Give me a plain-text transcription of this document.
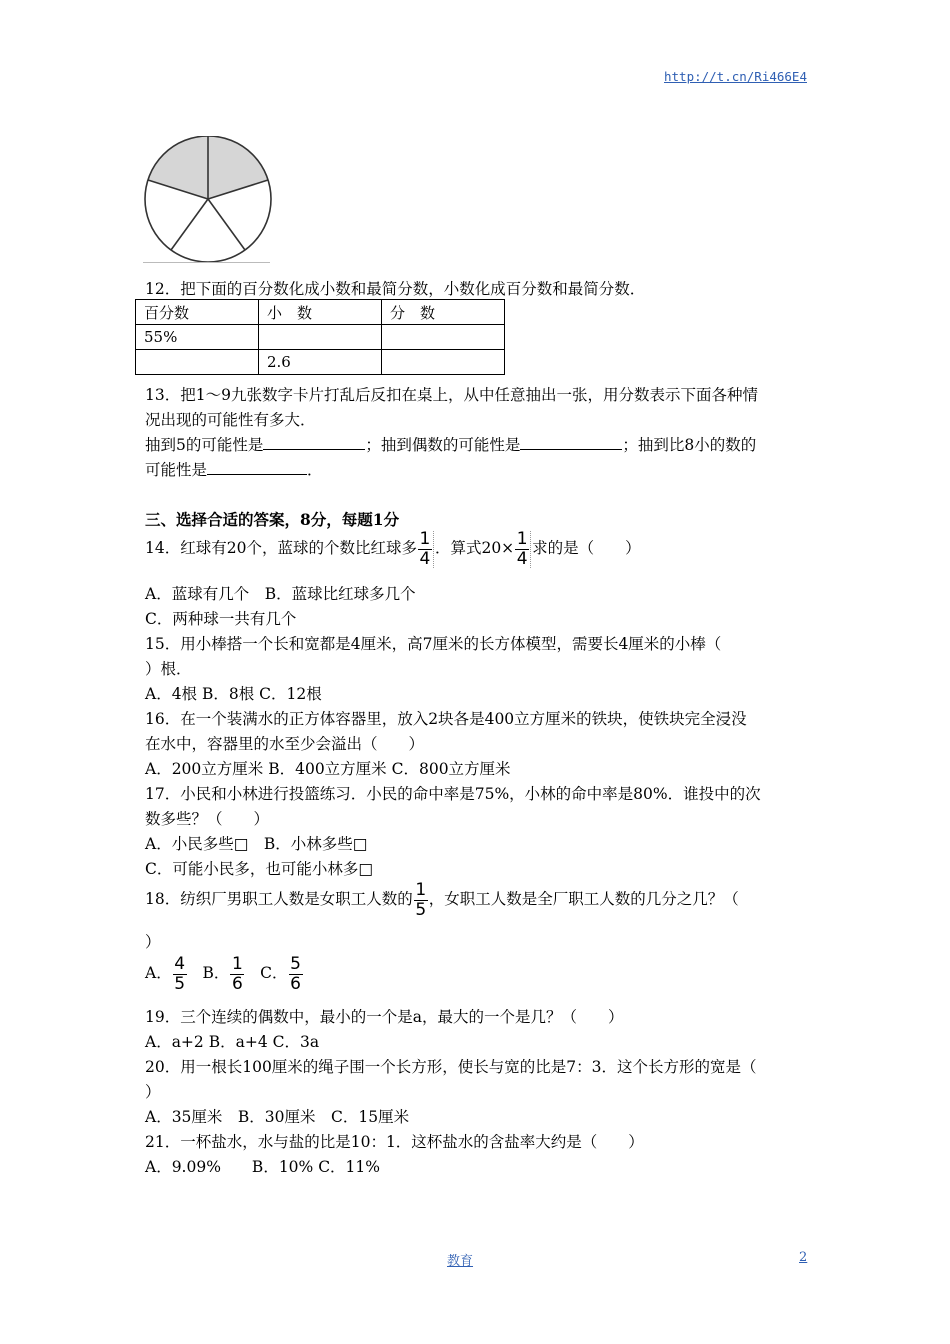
http://t.cn/Ri466E4
12．把下面的百分数化成小数和最简分数，小数化成百分数和最简分数．
百分数	小　数	分　数
55%		
	2.6	
13．把1～9九张数字卡片打乱后反扣在桌上，从中任意抽出一张，用分数表示下面各种情
况出现的可能性有多大．
抽到5的可能性是	；抽到偶数的可能性是	；抽到比8小的数的
可能性是	．
三、选择合适的答案，8分，每题1分
14．红球有20个，蓝球的个数比红球多 $\frac{1}{4}$ ．算式$20\times \frac{1}{4}$ 求的是（　　）
A．蓝球有几个　B．蓝球比红球多几个
C．两种球一共有几个
15．用小棒搭一个长和宽都是4厘米，高7厘米的长方体模型，需要长4厘米的小棒（
）根．
A．4根 B．8根 C．12根
16．在一个装满水的正方体容器里，放入2块各是400立方厘米的铁块，使铁块完全浸没
在水中，容器里的水至少会溢出（　　）
A．200立方厘米 B．400立方厘米 C．800立方厘米
17．小民和小林进行投篮练习．小民的命中率是75%，小林的命中率是80%．谁投中的次
数多些？（　　）
A．小民多些□　B．小林多些□
C．可能小民多，也可能小林多□
18．纺织厂男职工人数是女职工人数的 $\frac{1}{5}$ ，女职工人数是全厂职工人数的几分之几？（
）
A． $\frac{4}{5}$ B． $\frac{1}{6}$ C． $\frac{5}{6}$
19．三个连续的偶数中，最小的一个是a，最大的一个是几？（　　）
A．a+2 B．a+4 C．3a
20．用一根长100厘米的绳子围一个长方形，使长与宽的比是7：3．这个长方形的宽是（
）
A．35厘米　B．30厘米　C．15厘米
21．一杯盐水，水与盐的比是10：1．这杯盐水的含盐率大约是（　　）
A．9.09%　　B．10% C．11%
教育	2
